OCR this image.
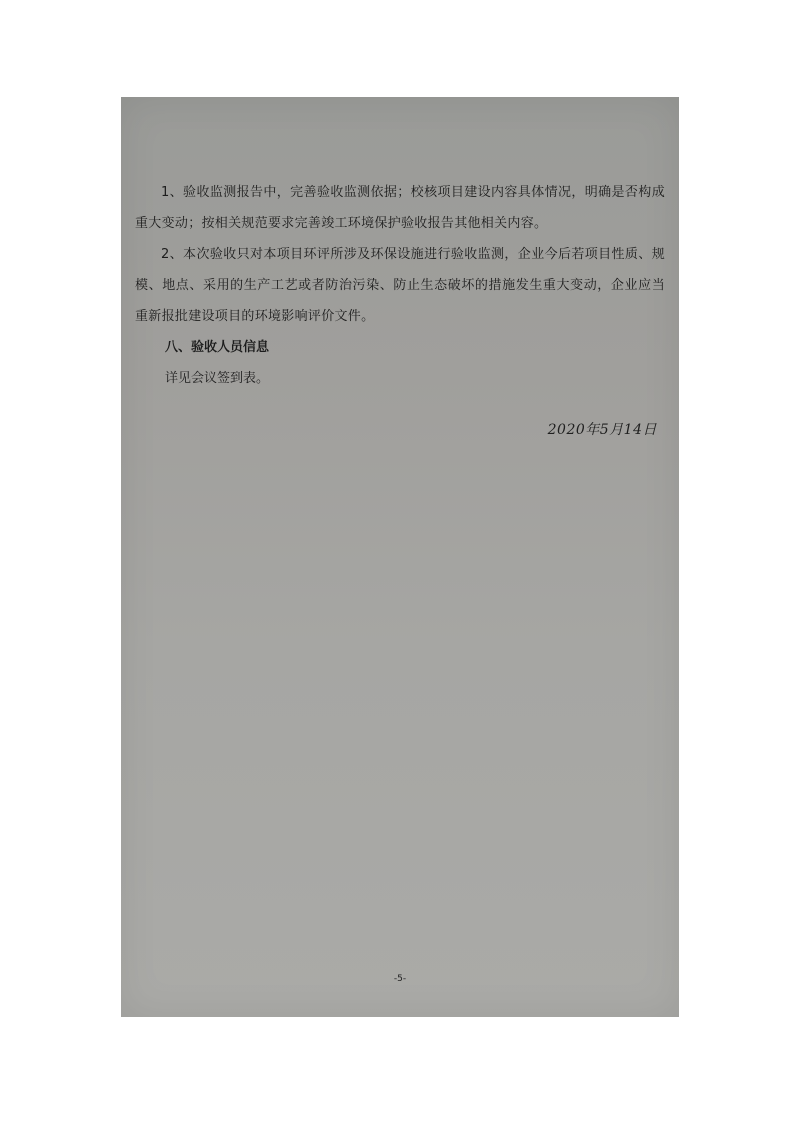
1、验收监测报告中，完善验收监测依据；校核项目建设内容具体情况，明确是否构成重大变动；按相关规范要求完善竣工环境保护验收报告其他相关内容。

2、本次验收只对本项目环评所涉及环保设施进行验收监测，企业今后若项目性质、规模、地点、采用的生产工艺或者防治污染、防止生态破坏的措施发生重大变动，企业应当重新报批建设项目的环境影响评价文件。

八、验收人员信息

详见会议签到表。

2020年5月14日
-5-
